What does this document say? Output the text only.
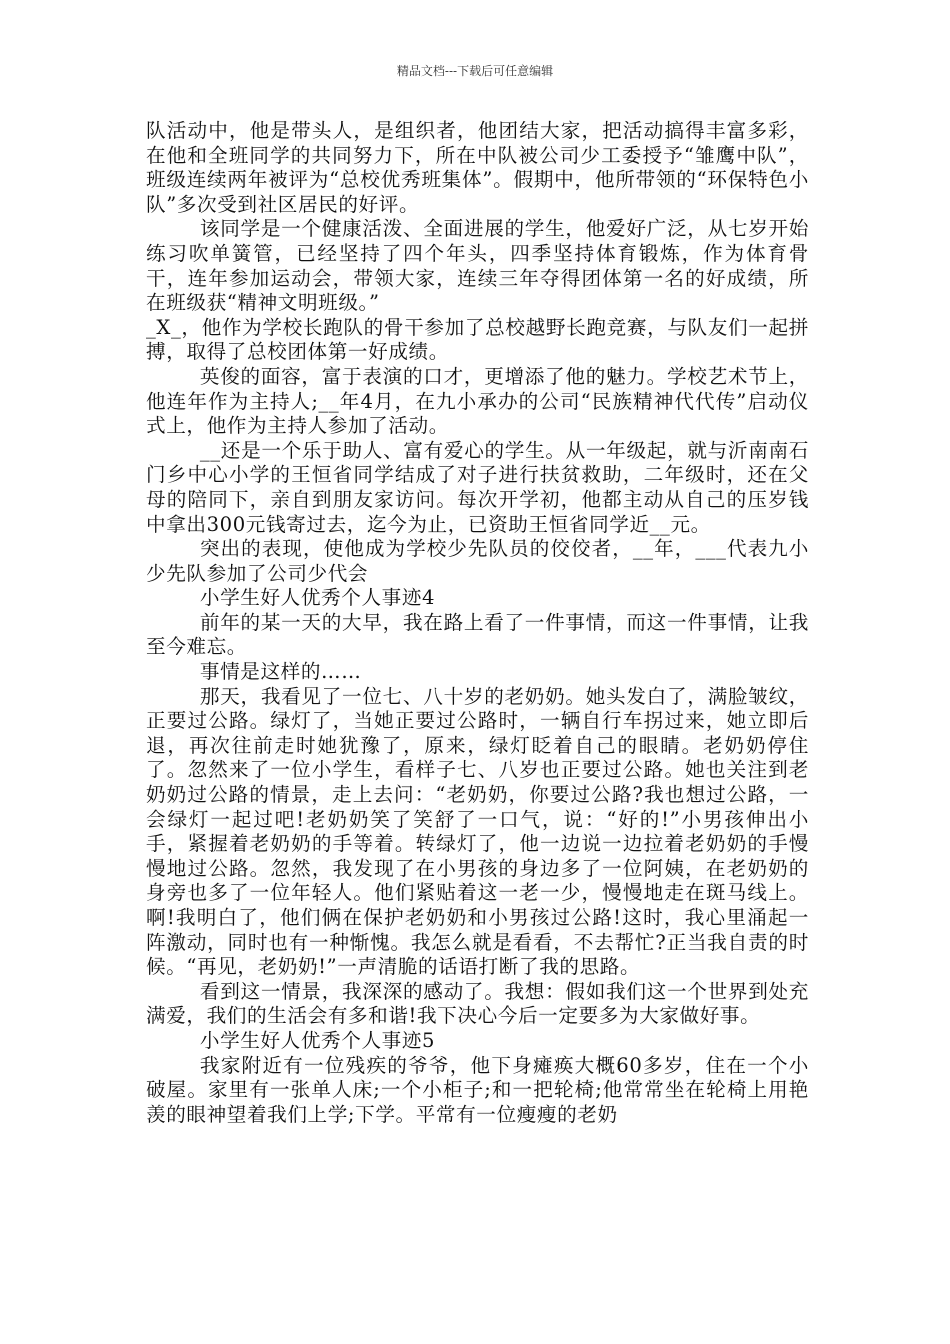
精品文档---下载后可任意编辑

队活动中，他是带头人，是组织者，他团结大家，把活动搞得丰富多彩，在他和全班同学的共同努力下，所在中队被公司少工委授予“雏鹰中队”，班级连续两年被评为“总校优秀班集体”。假期中，他所带领的“环保特色小队”多次受到社区居民的好评。

该同学是一个健康活泼、全面进展的学生，他爱好广泛，从七岁开始练习吹单簧管，已经坚持了四个年头，四季坚持体育锻炼，作为体育骨干，连年参加运动会，带领大家，连续三年夺得团体第一名的好成绩，所在班级获“精神文明班级。”

_X_，他作为学校长跑队的骨干参加了总校越野长跑竞赛，与队友们一起拼搏，取得了总校团体第一好成绩。

英俊的面容，富于表演的口才，更增添了他的魅力。学校艺术节上，他连年作为主持人;__年4月，在九小承办的公司“民族精神代代传”启动仪式上，他作为主持人参加了活动。

__还是一个乐于助人、富有爱心的学生。从一年级起，就与沂南南石门乡中心小学的王恒省同学结成了对子进行扶贫救助，二年级时，还在父母的陪同下，亲自到朋友家访问。每次开学初，他都主动从自己的压岁钱中拿出300元钱寄过去，迄今为止，已资助王恒省同学近__元。

突出的表现，使他成为学校少先队员的佼佼者，__年，___代表九小少先队参加了公司少代会

小学生好人优秀个人事迹4

前年的某一天的大早，我在路上看了一件事情，而这一件事情，让我至今难忘。

事情是这样的……

那天，我看见了一位七、八十岁的老奶奶。她头发白了，满脸皱纹，正要过公路。绿灯了，当她正要过公路时，一辆自行车拐过来，她立即后退，再次往前走时她犹豫了，原来，绿灯眨着自己的眼睛。老奶奶停住了。忽然来了一位小学生，看样子七、八岁也正要过公路。她也关注到老奶奶过公路的情景，走上去问：“老奶奶，你要过公路?我也想过公路，一会绿灯一起过吧!老奶奶笑了笑舒了一口气，说：“好的!”小男孩伸出小手，紧握着老奶奶的手等着。转绿灯了，他一边说一边拉着老奶奶的手慢慢地过公路。忽然，我发现了在小男孩的身边多了一位阿姨，在老奶奶的身旁也多了一位年轻人。他们紧贴着这一老一少，慢慢地走在斑马线上。啊!我明白了，他们俩在保护老奶奶和小男孩过公路!这时，我心里涌起一阵激动，同时也有一种惭愧。我怎么就是看看，不去帮忙?正当我自责的时候。“再见，老奶奶!”一声清脆的话语打断了我的思路。

看到这一情景，我深深的感动了。我想：假如我们这一个世界到处充满爱，我们的生活会有多和谐!我下决心今后一定要多为大家做好事。

小学生好人优秀个人事迹5

我家附近有一位残疾的爷爷，他下身瘫痪大概60多岁，住在一个小破屋。家里有一张单人床;一个小柜子;和一把轮椅;他常常坐在轮椅上用艳羡的眼神望着我们上学;下学。平常有一位瘦瘦的老奶
